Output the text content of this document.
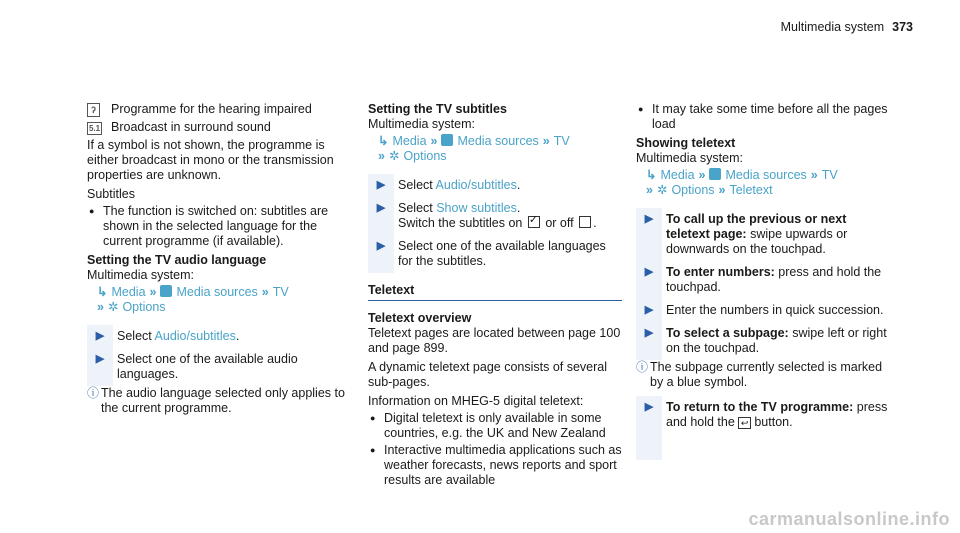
Multimedia system 373
ʔ	Programme for the hearing impaired
5.1 Broadcast in surround sound

If a symbol is not shown, the programme is either broadcast in mono or the transmission properties are unknown.

Subtitles

● The function is switched on: subtitles are shown in the selected language for the current programme (if available).

Setting the TV audio language

Multimedia system:

↳ Media » Media sources » TV
» ✲ Options
▶	Select Audio/subtitles.
▶	Select one of the available audio languages.
ⓘ The audio language selected only applies to the current programme.

Setting the TV subtitles

Multimedia system:

↳ Media » Media sources » TV
» ✲ Options
▶	Select Audio/subtitles.
▶	Select Show subtitles.
Switch the subtitles on ✓ or off .
▶	Select one of the available languages for the subtitles.
Teletext

Teletext overview

Teletext pages are located between page 100 and page 899.

A dynamic teletext page consists of several sub-pages.

Information on MHEG-5 digital teletext:

● Digital teletext is only available in some countries, e.g. the UK and New Zealand
● Interactive multimedia applications such as weather forecasts, news reports and sport results are available
● It may take some time before all the pages load

Showing teletext

Multimedia system:

↳ Media » Media sources » TV
» ✲ Options » Teletext
▶	To call up the previous or next teletext page: swipe upwards or downwards on the touchpad.
▶	To enter numbers: press and hold the touchpad.
▶	Enter the numbers in quick succession.
▶	To select a subpage: swipe left or right on the touchpad.
ⓘ The subpage currently selected is marked by a blue symbol.
▶	To return to the TV programme: press and hold the ↩ button.
carmanualsonline.info
